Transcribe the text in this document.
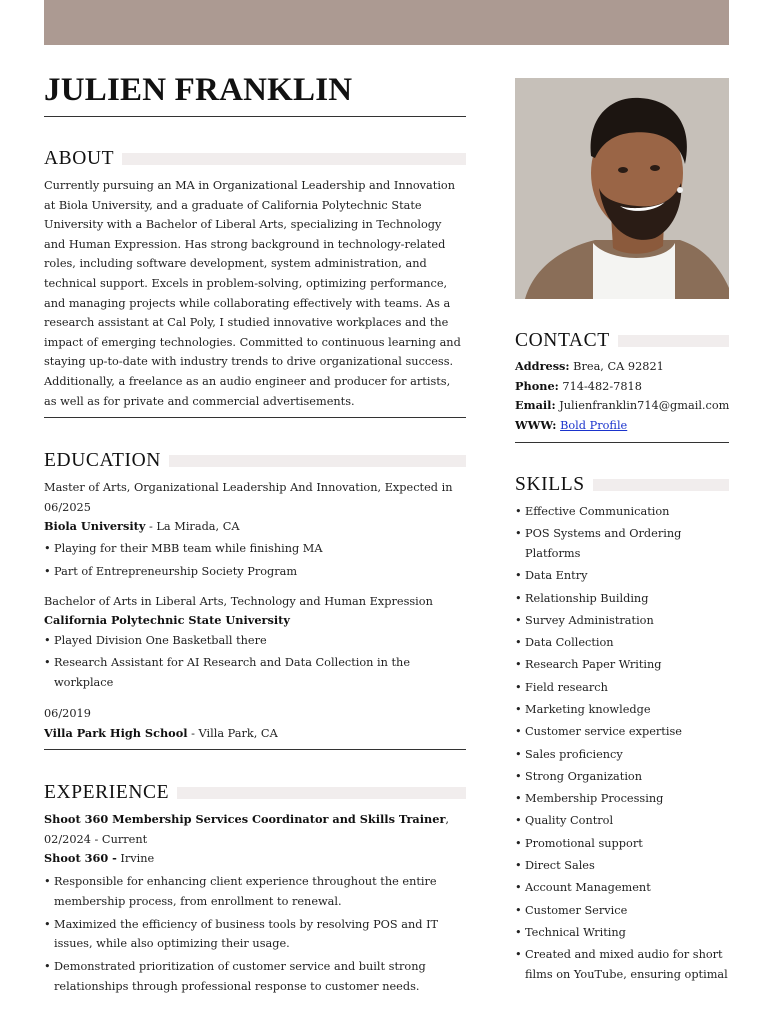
JULIEN FRANKLIN
ABOUT
Currently pursuing an MA in Organizational Leadership and Innovation at Biola University, and a graduate of California Polytechnic State University with a Bachelor of Liberal Arts, specializing in Technology and Human Expression. Has strong background in technology-related roles, including software development, system administration, and technical support. Excels in problem-solving, optimizing performance, and managing projects while collaborating effectively with teams. As a research assistant at Cal Poly, I studied innovative workplaces and the impact of emerging technologies. Committed to continuous learning and staying up-to-date with industry trends to drive organizational success. Additionally, a freelance as an audio engineer and producer for artists, as well as for private and commercial advertisements.
EDUCATION
Master of Arts, Organizational Leadership And Innovation, Expected in 06/2025
Biola University - La Mirada, CA
• Playing for their MBB team while finishing MA
• Part of Entrepreneurship Society Program
Bachelor of Arts in Liberal Arts, Technology and Human Expression
California Polytechnic State University
• Played Division One Basketball there
• Research Assistant for AI Research and Data Collection in the workplace
06/2019
Villa Park High School - Villa Park, CA
EXPERIENCE
Shoot 360 Membership Services Coordinator and Skills Trainer, 02/2024 - Current
Shoot 360 - Irvine
• Responsible for enhancing client experience throughout the entire membership process, from enrollment to renewal.
• Maximized the efficiency of business tools by resolving POS and IT issues, while also optimizing their usage.
• Demonstrated prioritization of customer service and built strong relationships through professional response to customer needs.
CONTACT
Address: Brea, CA 92821
Phone: 714-482-7818
Email: Julienfranklin714@gmail.com
WWW: Bold Profile
SKILLS
• Effective Communication
• POS Systems and Ordering Platforms
• Data Entry
• Relationship Building
• Survey Administration
• Data Collection
• Research Paper Writing
• Field research
• Marketing knowledge
• Customer service expertise
• Sales proficiency
• Strong Organization
• Membership Processing
• Quality Control
• Promotional support
• Direct Sales
• Account Management
• Customer Service
• Technical Writing
• Created and mixed audio for short films on YouTube, ensuring optimal
